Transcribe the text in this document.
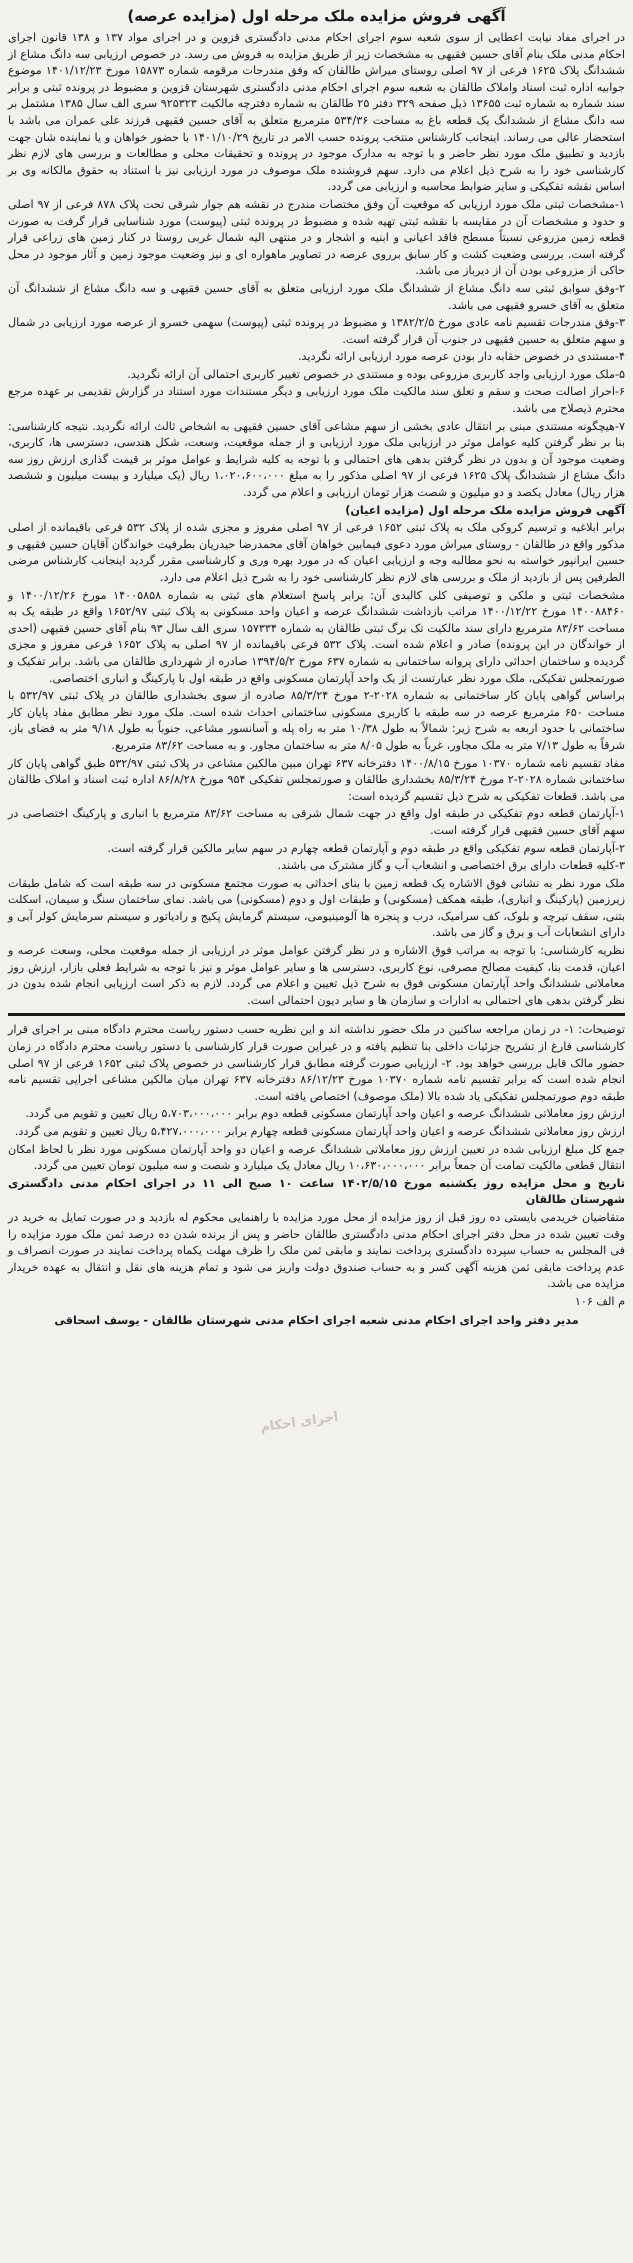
آگهی فروش مزایده ملک مرحله اول (مزایده عرصه)

در اجرای مفاد نیابت اعطایی از سوی شعبه سوم اجرای احکام مدنی دادگستری قزوین و در اجرای مواد ۱۳۷ و ۱۳۸ قانون اجرای احکام مدنی ملک بنام آقای حسین فقیهی به مشخصات زیر از طریق مزایده به فروش می رسد. در خصوص ارزیابی سه دانگ مشاع از ششدانگ پلاک ۱۶۲۵ فرعی از ۹۷ اصلی روستای میراش طالقان که وفق مندرجات مرقومه شماره ۱۵۸۷۳ مورخ ۱۴۰۱/۱۲/۲۳ موضوع جوابیه اداره ثبت اسناد واملاک طالقان به شعبه سوم اجرای احکام مدنی دادگستری شهرستان قزوین و مضبوط در پرونده ثبتی و برابر سند شماره به شماره ثبت ۱۳۶۵۵ ذیل صفحه ۳۲۹ دفتر ۲۵ طالقان به شماره دفترچه مالکیت ۹۲۵۳۲۳ سری الف سال ۱۳۸۵ مشتمل بر سه دانگ مشاع از ششدانگ یک قطعه باغ به مساحت ۵۳۴/۳۶ مترمربع متعلق به آقای حسین فقیهی فرزند علی عمران می باشد با استحضار عالی می رساند. اینجانب کارشناس منتخب پرونده حسب الامر در تاریخ ۱۴۰۱/۱۰/۲۹ با حضور خواهان و یا نماینده شان جهت بازدید و تطبیق ملک مورد نظر حاضر و با توجه به مدارک موجود در پرونده و تحقیقات محلی و مطالعات و بررسی های لازم نظر کارشناسی خود را به شرح ذیل اعلام می دارد. سهم فروشنده ملک موصوف در مورد ارزیابی نیز با استناد به حقوق مالکانه وی بر اساس نقشه تفکیکی و سایر ضوابط محاسبه و ارزیابی می گردد.

۱-مشخصات ثبتی ملک مورد ارزیابی که موقعیت آن وفق مختصات مندرج در نقشه هم جوار شرقی تحت پلاک ۸۷۸ فرعی از ۹۷ اصلی و حدود و مشخصات آن در مقایسه با نقشه ثبتی تهیه شده و مضبوط در پرونده ثبتی (پیوست) مورد شناسایی قرار گرفت به صورت قطعه زمین مزروعی نسبتاً مسطح فاقد اعیانی و ابنیه و اشجار و در منتهی الیه شمال غربی روستا در کنار زمین های زراعی قرار گرفته است. بررسی وضعیت کشت و کار سابق برروی عرصه در تصاویر ماهواره ای و نیز وضعیت موجود زمین و آثار موجود در محل حاکی از مزروعی بودن آن از دیرباز می باشد.

۲-وفق سوابق ثبتی سه دانگ مشاع از ششدانگ ملک مورد ارزیابی متعلق به آقای حسین فقیهی و سه دانگ مشاع از ششدانگ آن متعلق به آقای خسرو فقیهی می باشد.

۳-وفق مندرجات تقسیم نامه عادی مورخ ۱۳۸۲/۲/۵ و مضبوط در پرونده ثبتی (پیوست) سهمی خسرو از عرصه مورد ارزیابی در شمال و سهم متعلق به حسین فقیهی در جنوب آن قرار گرفته است.

۴-مستندی در خصوص حقابه دار بودن عرصه مورد ارزیابی ارائه نگردید.

۵-ملک مورد ارزیابی واجد کاربری مزروعی بوده و مستندی در خصوص تغییر کاربری احتمالی آن ارائه نگردید.

۶-احراز اصالت صحت و سقم و تعلق سند مالکیت ملک مورد ارزیابی و دیگر مستندات مورد استناد در گزارش تقدیمی بر عهده مرجع محترم ذیصلاح می باشد.

۷-هیچگونه مستندی مبنی بر انتقال عادی بخشی از سهم مشاعی آقای حسین فقیهی به اشخاص ثالث ارائه نگردید. نتیجه کارشناسی: بنا بر نظر گرفتن کلیه عوامل موثر در ارزیابی ملک مورد ارزیابی و از جمله موقعیت، وسعت، شکل هندسی، دسترسی ها، کاربری، وضعیت موجود آن و بدون در نظر گرفتن بدهی های احتمالی و با توجه به کلیه شرایط و عوامل موثر بر قیمت گذاری ارزش روز سه دانگ مشاع از ششدانگ پلاک ۱۶۲۵ فرعی از ۹۷ اصلی مذکور را به مبلغ ۱،۰۲۰،۶۰۰،۰۰۰ ریال (یک میلیارد و بیست میلیون و ششصد هزار ریال) معادل یکصد و دو میلیون و شصت هزار تومان ارزیابی و اعلام می گردد.

آگهی فروش مزایده ملک مرحله اول (مزایده اعیان)

برابر ابلاغیه و ترسیم کروکی ملک به پلاک ثبتی ۱۶۵۲ فرعی از ۹۷ اصلی مفروز و مجزی شده از پلاک ۵۳۲ فرعی باقیمانده از اصلی مذکور واقع در طالقان - روستای میراش مورد دعوی فیمابین خواهان آقای محمدرضا حیدریان بطرفیت خواندگان آقایان حسین فقیهی و حسین ایرانپور خواسته به نحو مطالبه وجه و ارزیابی اعیان که در مورد بهره وری و کارشناسی مقرر گردید اینجانب کارشناس مرضی الطرفین پس از بازدید از ملک و بررسی های لازم نظر کارشناسی خود را به شرح ذیل اعلام می دارد.

مشخصات ثبتی و ملکی و توصیفی کلی کالبدی آن: برابر پاسخ استعلام های ثبتی به شماره ۱۴۰۰۵۸۵۸ مورخ ۱۴۰۰/۱۲/۲۶ و ۱۴۰۰۸۸۴۶۰ مورخ ۱۴۰۰/۱۲/۲۲ مراتب بازداشت ششدانگ عرصه و اعیان واحد مسکونی به پلاک ثبتی ۱۶۵۲/۹۷ واقع در طبقه یک به مساحت ۸۳/۶۲ مترمربع دارای سند مالکیت تک برگ ثبتی طالقان به شماره ۱۵۷۳۳۴ سری الف سال ۹۳ بنام آقای حسین فقیهی (احدی از خواندگان در این پرونده) صادر و اعلام شده است. پلاک ۵۳۲ فرعی باقیمانده از ۹۷ اصلی به پلاک ۱۶۵۲ فرعی مفروز و مجزی گردیده و ساختمان احداثی دارای پروانه ساختمانی به شماره ۶۳۷ مورخ ۱۳۹۴/۵/۲ صادره از شهرداری طالقان می باشد. برابر تفکیک و صورتمجلس تفکیکی، ملک مورد نظر عبارتست از یک واحد آپارتمان مسکونی واقع در طبقه اول با پارکینگ و انباری اختصاصی.

براساس گواهی پایان کار ساختمانی به شماره ۲۰۲۸-۲ مورخ ۸۵/۳/۲۴ صادره از سوی بخشداری طالقان در پلاک ثبتی ۵۳۲/۹۷ با مساحت ۶۵۰ مترمربع عرصه در سه طبقه با کاربری مسکونی ساختمانی احداث شده است. ملک مورد نظر مطابق مفاد پایان کار ساختمانی با حدود اربعه به شرح زیر: شمالاً به طول ۱۰/۳۸ متر به راه پله و آسانسور مشاعی، جنوباً به طول ۹/۱۸ متر به فضای باز، شرقاً به طول ۷/۱۳ متر به ملک مجاور، غرباً به طول ۸/۰۵ متر به ساختمان مجاور. و به مساحت ۸۳/۶۲ مترمربع.

مفاد تقسیم نامه شماره ۱۰۳۷۰ مورخ ۱۴۰۰/۸/۱۵ دفترخانه ۶۳۷ تهران مبین مالکین مشاعی در پلاک ثبتی ۵۳۲/۹۷ طبق گواهی پایان کار ساختمانی شماره ۲۰۲۸-۲ مورخ ۸۵/۳/۲۴ بخشداری طالقان و صورتمجلس تفکیکی ۹۵۴ مورخ ۸۶/۸/۲۸ اداره ثبت اسناد و املاک طالقان می باشد. قطعات تفکیکی به شرح ذیل تقسیم گردیده است:

۱-آپارتمان قطعه دوم تفکیکی در طبقه اول واقع در جهت شمال شرقی به مساحت ۸۳/۶۲ مترمربع با انباری و پارکینگ اختصاصی در سهم آقای حسین فقیهی قرار گرفته است.

۲-آپارتمان قطعه سوم تفکیکی واقع در طبقه دوم و آپارتمان قطعه چهارم در سهم سایر مالکین قرار گرفته است.

۳-کلیه قطعات دارای برق اختصاصی و انشعاب آب و گاز مشترک می باشند.

ملک مورد نظر به نشانی فوق الاشاره یک قطعه زمین با بنای احداثی به صورت مجتمع مسکونی در سه طبقه است که شامل طبقات زیرزمین (پارکینگ و انباری)، طبقه همکف (مسکونی) و طبقات اول و دوم (مسکونی) می باشد. نمای ساختمان سنگ و سیمان، اسکلت بتنی، سقف تیرچه و بلوک، کف سرامیک، درب و پنجره ها آلومینیومی، سیستم گرمایش پکیج و رادیاتور و سیستم سرمایش کولر آبی و دارای انشعابات آب و برق و گاز می باشد.

نظریه کارشناسی: با توجه به مراتب فوق الاشاره و در نظر گرفتن عوامل موثر در ارزیابی از جمله موقعیت محلی، وسعت عرصه و اعیان، قدمت بنا، کیفیت مصالح مصرفی، نوع کاربری، دسترسی ها و سایر عوامل موثر و نیز با توجه به شرایط فعلی بازار، ارزش روز معاملاتی ششدانگ واحد آپارتمان مسکونی فوق به شرح ذیل تعیین و اعلام می گردد. لازم به ذکر است ارزیابی انجام شده بدون در نظر گرفتن بدهی های احتمالی به ادارات و سازمان ها و سایر دیون احتمالی است.

توضیحات: ۱- در زمان مراجعه ساکنین در ملک حضور نداشته اند و این نظریه حسب دستور ریاست محترم دادگاه مبنی بر اجرای قرار کارشناسی فارغ از تشریح جزئیات داخلی بنا تنظیم یافته و در غیراین صورت قرار کارشناسی با دستور ریاست محترم دادگاه در زمان حضور مالک قابل بررسی خواهد بود. ۲- ارزیابی صورت گرفته مطابق قرار کارشناسی در خصوص پلاک ثبتی ۱۶۵۲ فرعی از ۹۷ اصلی انجام شده است که برابر تقسیم نامه شماره ۱۰۳۷۰ مورخ ۸۶/۱۲/۲۳ دفترخانه ۶۳۷ تهران میان مالکین مشاعی اجرایی تقسیم نامه طبقه دوم صورتمجلس تفکیکی یاد شده بالا (ملک موصوف) اختصاص یافته است.

ارزش روز معاملاتی ششدانگ عرصه و اعیان واحد آپارتمان مسکونی قطعه دوم برابر ۵،۷۰۳،۰۰۰،۰۰۰ ریال تعیین و تقویم می گردد.

ارزش روز معاملاتی ششدانگ عرصه و اعیان واحد آپارتمان مسکونی قطعه چهارم برابر ۵،۴۲۷،۰۰۰،۰۰۰ ریال تعیین و تقویم می گردد.

جمع کل مبلغ ارزیابی شده در تعیین ارزش روز معاملاتی ششدانگ عرصه و اعیان دو واحد آپارتمان مسکونی مورد نظر با لحاظ امکان انتقال قطعی مالکیت تمامت آن جمعاً برابر ۱۰،۶۳۰،۰۰۰،۰۰۰ ریال معادل یک میلیارد و شصت و سه میلیون تومان تعیین می گردد.

تاریخ و محل مزایده روز یکشنبه مورخ ۱۴۰۲/۵/۱۵ ساعت ۱۰ صبح الی ۱۱ در اجرای احکام مدنی دادگستری شهرستان طالقان

متقاضیان خریدمی بایستی ده روز قبل از روز مزایده از محل مورد مزایده با راهنمایی محکوم له بازدید و در صورت تمایل به خرید در وقت تعیین شده در محل دفتر اجرای احکام مدنی دادگستری طالقان حاضر و پس از برنده شدن ده درصد ثمن ملک مورد مزایده را فی المجلس به حساب سپرده دادگستری پرداخت نمایند و مابقی ثمن ملک را ظرف مهلت یکماه پرداخت نمایند در صورت انصراف و عدم پرداخت مابقی ثمن هزینه آگهی کسر و به حساب صندوق دولت واریز می شود و تمام هزینه های نقل و انتقال به عهده خریدار مزایده می باشد.

م الف ۱۰۶

مدیر دفتر واحد اجرای احکام مدنی شعبه اجرای احکام مدنی شهرستان طالقان - یوسف اسحاقی
اجرای احکام
